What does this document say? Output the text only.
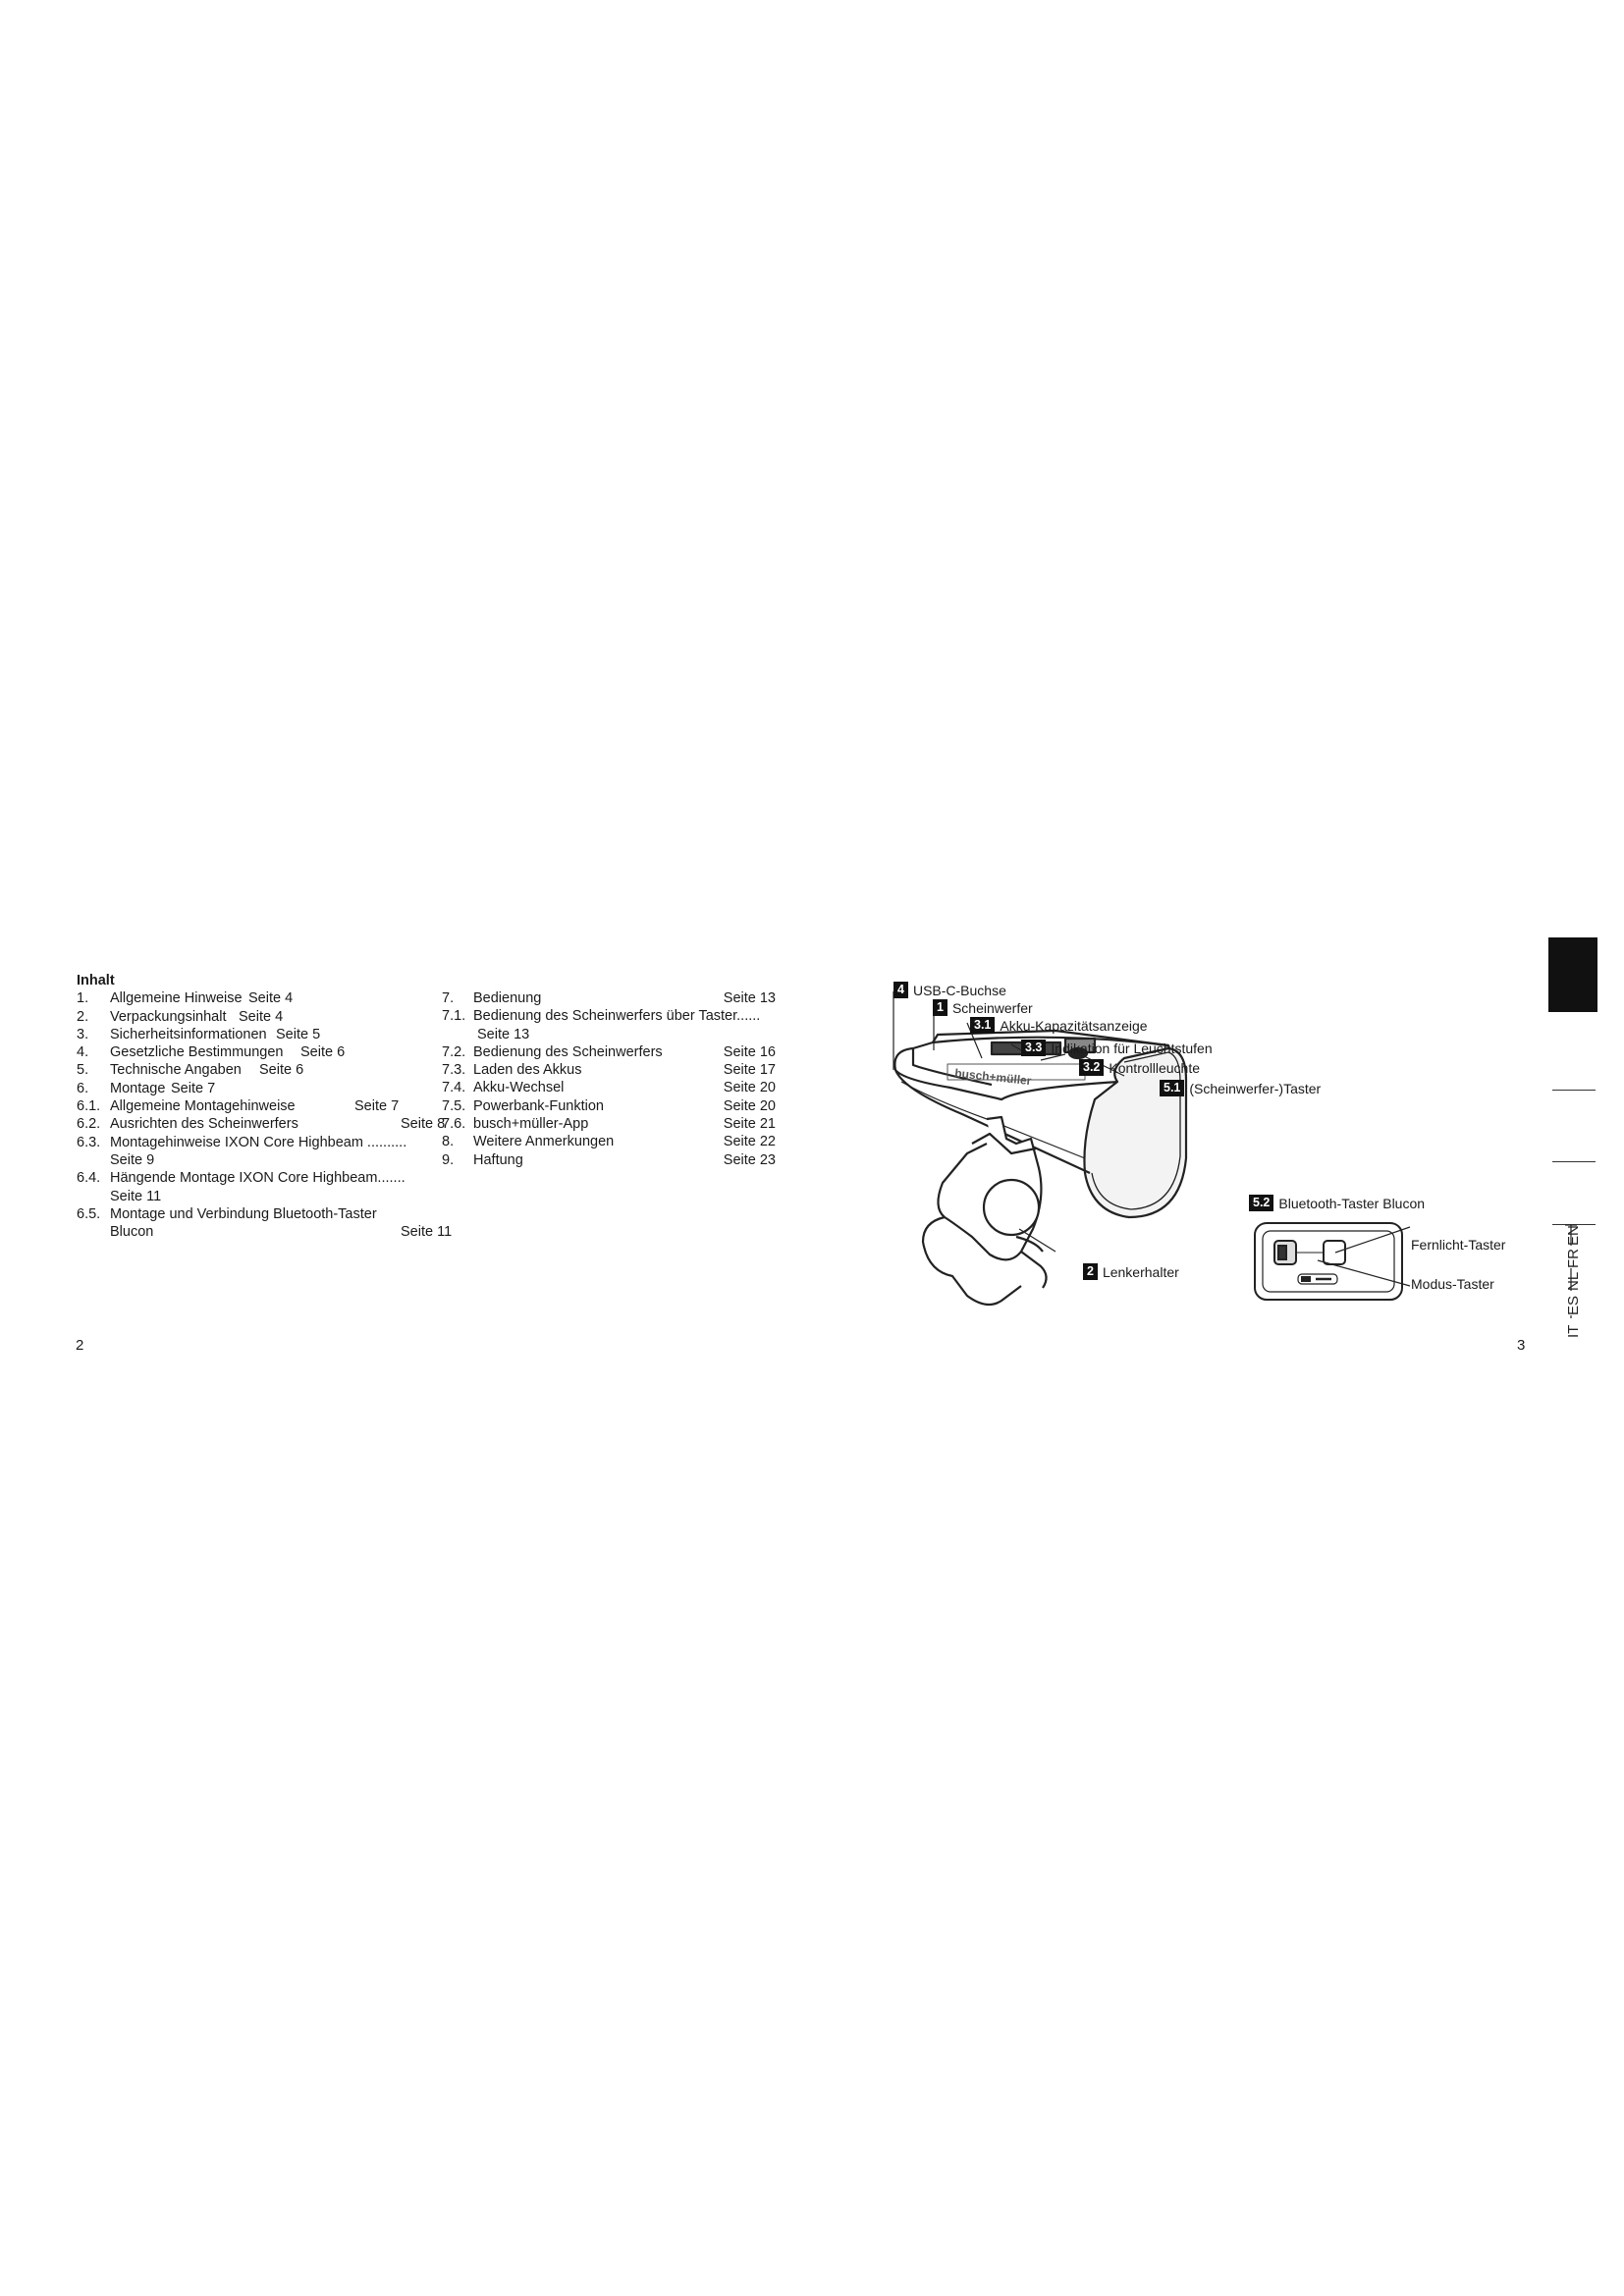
Inhalt
1. Allgemeine Hinweise Seite 4
2. Verpackungsinhalt Seite 4
3. Sicherheitsinformationen Seite 5
4. Gesetzliche Bestimmungen Seite 6
5. Technische Angaben Seite 6
6. Montage Seite 7
6.1. Allgemeine Montagehinweise	Seite 7
6.2. Ausrichten des Scheinwerfers	Seite 8
6.3. Montagehinweise IXON Core Highbeam ..........
Seite 9
6.4. Hängende Montage IXON Core Highbeam.......
Seite 11
6.5. Montage und Verbindung Bluetooth-Taster
Blucon	Seite 11
7. Bedienung	Seite 13
7.1. Bedienung des Scheinwerfers über Taster......
Seite 13
7.2. Bedienung des Scheinwerfers	Seite 16
7.3. Laden des Akkus	Seite 17
7.4. Akku-Wechsel	Seite 20
7.5. Powerbank-Funktion	Seite 20
7.6. busch+müller-App	Seite 21
8. Weitere Anmerkungen	Seite 22
9. Haftung	Seite 23
2	3
busch+müller
4 USB-C-Buchse
1 Scheinwerfer
3.1 Akku-Kapazitätsanzeige
3.3 Indikation für Leuchtstufen
3.2 Kontrollleuchte
5.1 (Scheinwerfer-)Taster
5.2 Bluetooth-Taster Blucon
2 Lenkerhalter
Fernlicht-Taster
Modus-Taster
IT
ES
NL
FR
EN
